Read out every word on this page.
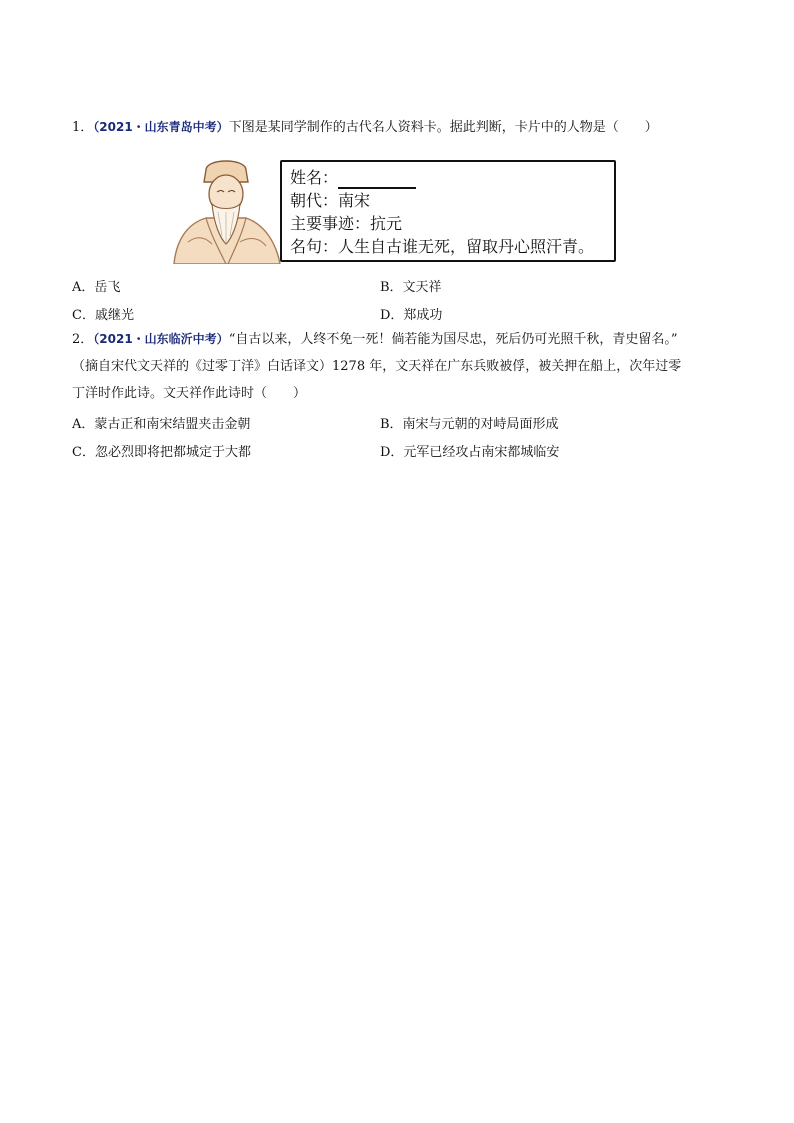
1．（2021・山东青岛中考）下图是某同学制作的古代名人资料卡。据此判断，卡片中的人物是（　　）
姓名：
朝代：南宋
主要事迹：抗元
名句：人生自古谁无死，留取丹心照汗青。
A．岳飞	B．文天祥
C．戚继光	D．郑成功
2．（2021・山东临沂中考）“自古以来，人终不免一死！倘若能为国尽忠，死后仍可光照千秋，青史留名。”
（摘自宋代文天祥的《过零丁洋》白话译文）1278 年，文天祥在广东兵败被俘，被关押在船上，次年过零
丁洋时作此诗。文天祥作此诗时（　　）
A．蒙古正和南宋结盟夹击金朝	B．南宋与元朝的对峙局面形成
C．忽必烈即将把都城定于大都	D．元军已经攻占南宋都城临安
